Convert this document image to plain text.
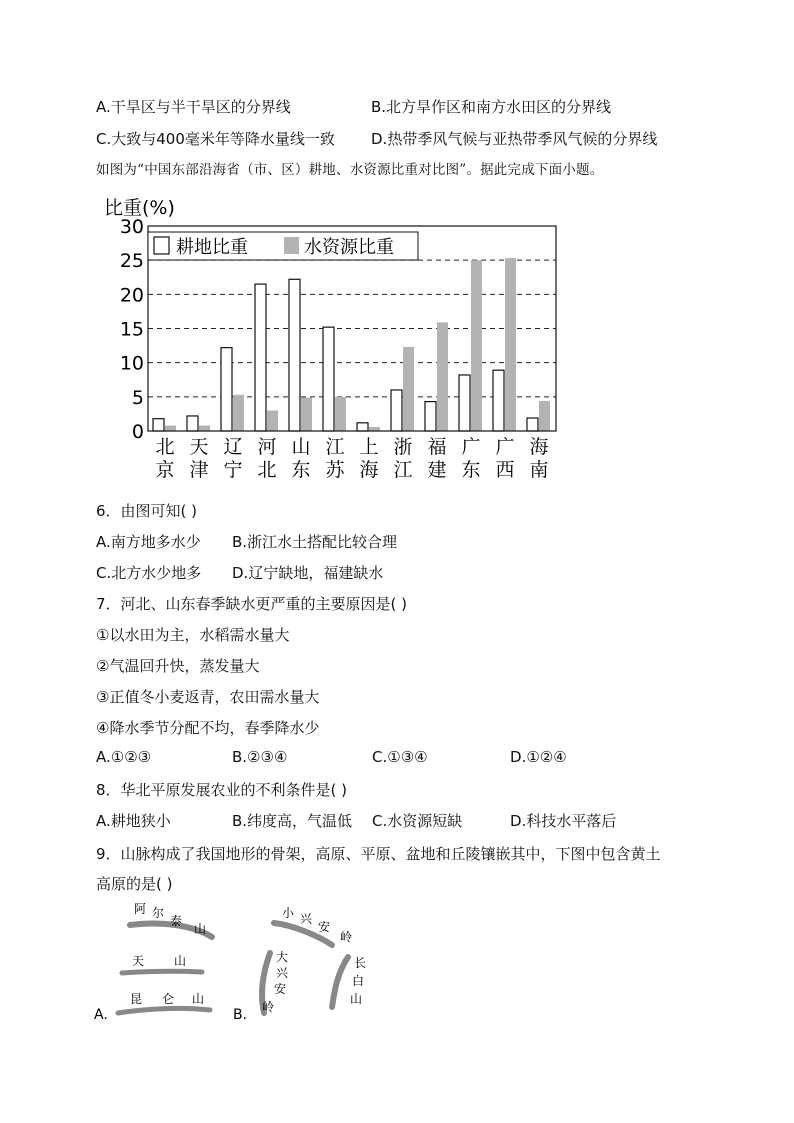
A.干旱区与半干旱区的分界线	B.北方旱作区和南方水田区的分界线
C.大致与400毫米年等降水量线一致 D.热带季风气候与亚热带季风气候的分界线
如图为“中国东部沿海省（市、区）耕地、水资源比重对比图”。据此完成下面小题。
比重(%)
0
5
10
15
20
25
30
北
京
天
津
辽
宁
河
北
山
东
江
苏
上
海
浙
江
福
建
广
东
广
西
海
南
耕地比重	水资源比重
6．由图可知( )
A.南方地多水少 B.浙江水土搭配比较合理
C.北方水少地多 D.辽宁缺地，福建缺水
7．河北、山东春季缺水更严重的主要原因是( )
①以水田为主，水稻需水量大
②气温回升快，蒸发量大
③正值冬小麦返青，农田需水量大
④降水季节分配不均，春季降水少
A.①②③	B.②③④	C.①③④	D.①②④
8．华北平原发展农业的不利条件是( )
A.耕地狭小	B.纬度高，气温低 C.水资源短缺	D.科技水平落后
9．山脉构成了我国地形的骨架，高原、平原、盆地和丘陵镶嵌其中，下图中包含黄土
高原的是( )
A.	B.
阿 尔
泰
山
天 山
昆 仑 山
小 兴
安
岭
大
兴
安
岭
长
白
山
